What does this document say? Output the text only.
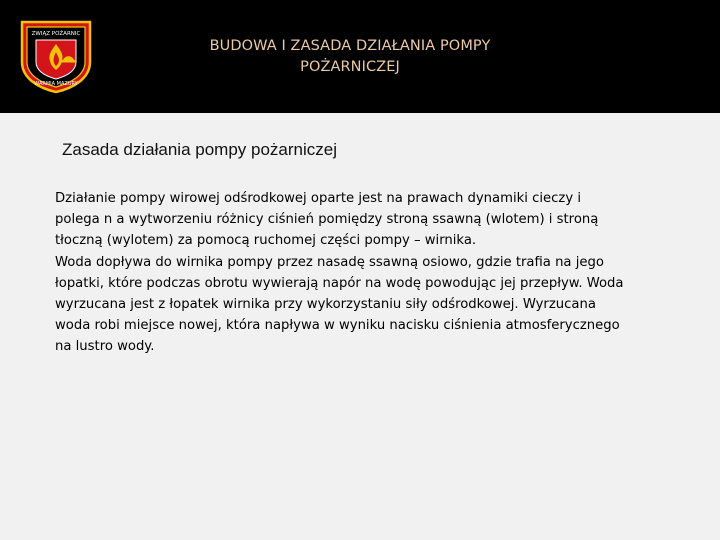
ZWIĄZ POŻARNIC
WARMIA MAZURY
BUDOWA I ZASADA DZIAŁANIA POMPY
POŻARNICZEJ
Zasada działania pompy pożarniczej

Działanie pompy wirowej odśrodkowej oparte jest na prawach dynamiki cieczy i polega n a wytworzeniu różnicy ciśnień pomiędzy stroną ssawną (wlotem) i stroną tłoczną (wylotem) za pomocą ruchomej części pompy – wirnika.

Woda dopływa do wirnika pompy przez nasadę ssawną osiowo, gdzie trafia na jego łopatki, które podczas obrotu wywierają napór na wodę powodując jej przepływ. Woda wyrzucana jest z łopatek wirnika przy wykorzystaniu siły odśrodkowej. Wyrzucana woda robi miejsce nowej, która napływa w wyniku nacisku ciśnienia atmosferycznego na lustro wody.
